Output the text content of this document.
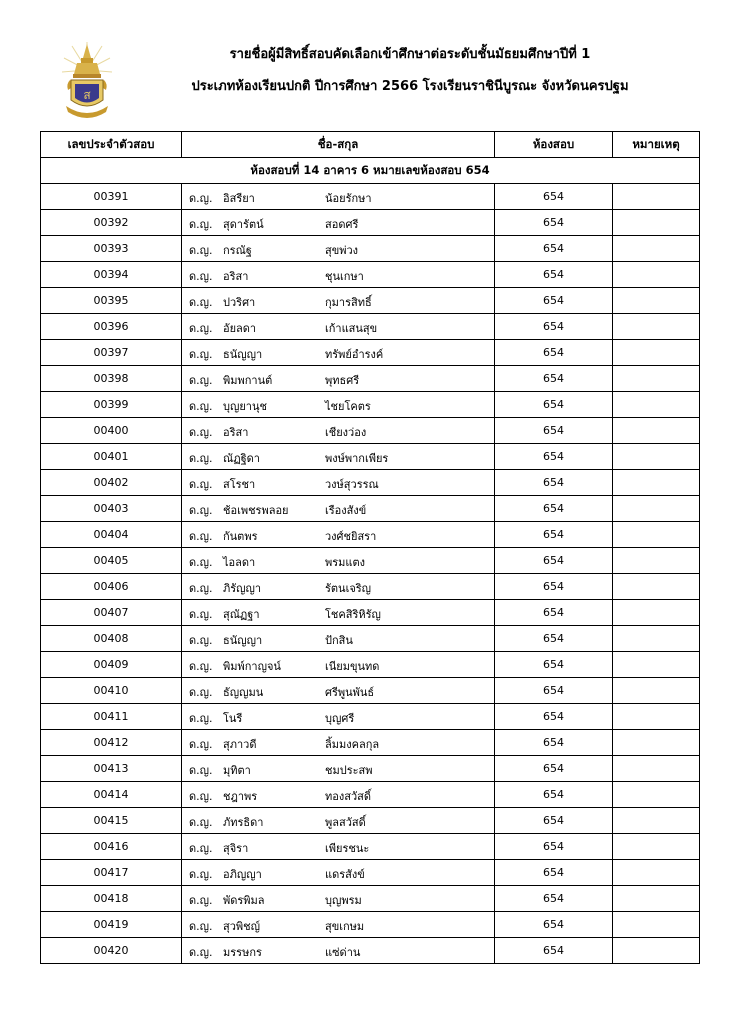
ส
รายชื่อผู้มีสิทธิ์สอบคัดเลือกเข้าศึกษาต่อระดับชั้นมัธยมศึกษาปีที่ 1
ประเภทห้องเรียนปกติ ปีการศึกษา 2566 โรงเรียนราชินีบูรณะ จังหวัดนครปฐม
เลขประจำตัวสอบ	ชื่อ-สกุล	ห้องสอบ	หมายเหตุ
ห้องสอบที่ 14 อาคาร 6 หมายเลขห้องสอบ 654			
00391	ด.ญ. อิสรียา น้อยรักษา	654	
00392	ด.ญ. สุดารัตน์ สอดศรี	654	
00393	ด.ญ. กรณัฐ สุขพ่วง	654	
00394	ด.ญ. อริสา ชุนเกษา	654	
00395	ด.ญ. ปวริศา กุมารสิทธิ์	654	
00396	ด.ญ. อัยลดา เก้าแสนสุข	654	
00397	ด.ญ. ธนัญญา ทรัพย์อำรงค์	654	
00398	ด.ญ. พิมพกานต์ พุทธศรี	654	
00399	ด.ญ. บุญยานุช ไชยโคตร	654	
00400	ด.ญ. อริสา เชียงว่อง	654	
00401	ด.ญ. ณัฏฐิดา พงษ์พากเพียร	654	
00402	ด.ญ. สโรชา วงษ์สุวรรณ	654	
00403	ด.ญ. ช้อเพชรพลอย เรืองสังข์	654	
00404	ด.ญ. กันตพร วงศ์ชยิสรา	654	
00405	ด.ญ. ไอลดา พรมแตง	654	
00406	ด.ญ. ภิรัญญา รัตนเจริญ	654	
00407	ด.ญ. สุณัฏฐา โชคสิริหิรัญ	654	
00408	ด.ญ. ธนัญญา ปักสิน	654	
00409	ด.ญ. พิมพ์กาญจน์ เนียมขุนทด	654	
00410	ด.ญ. ธัญญมน ศรีพูนพันธ์	654	
00411	ด.ญ. โนรี บุญศรี	654	
00412	ด.ญ. สุภาวดี ลิ้มมงคลกุล	654	
00413	ด.ญ. มุทิตา ชมประสพ	654	
00414	ด.ญ. ชฎาพร ทองสวัสดิ์	654	
00415	ด.ญ. ภัทรธิดา พูลสวัสดิ์	654	
00416	ด.ญ. สุจิรา เพียรชนะ	654	
00417	ด.ญ. อภิญญา แดรสังข์	654	
00418	ด.ญ. พัดรพิมล บุญพรม	654	
00419	ด.ญ. สุวพิชญ์ สุขเกษม	654	
00420	ด.ญ. มรรษกร แซ่ด่าน	654	
